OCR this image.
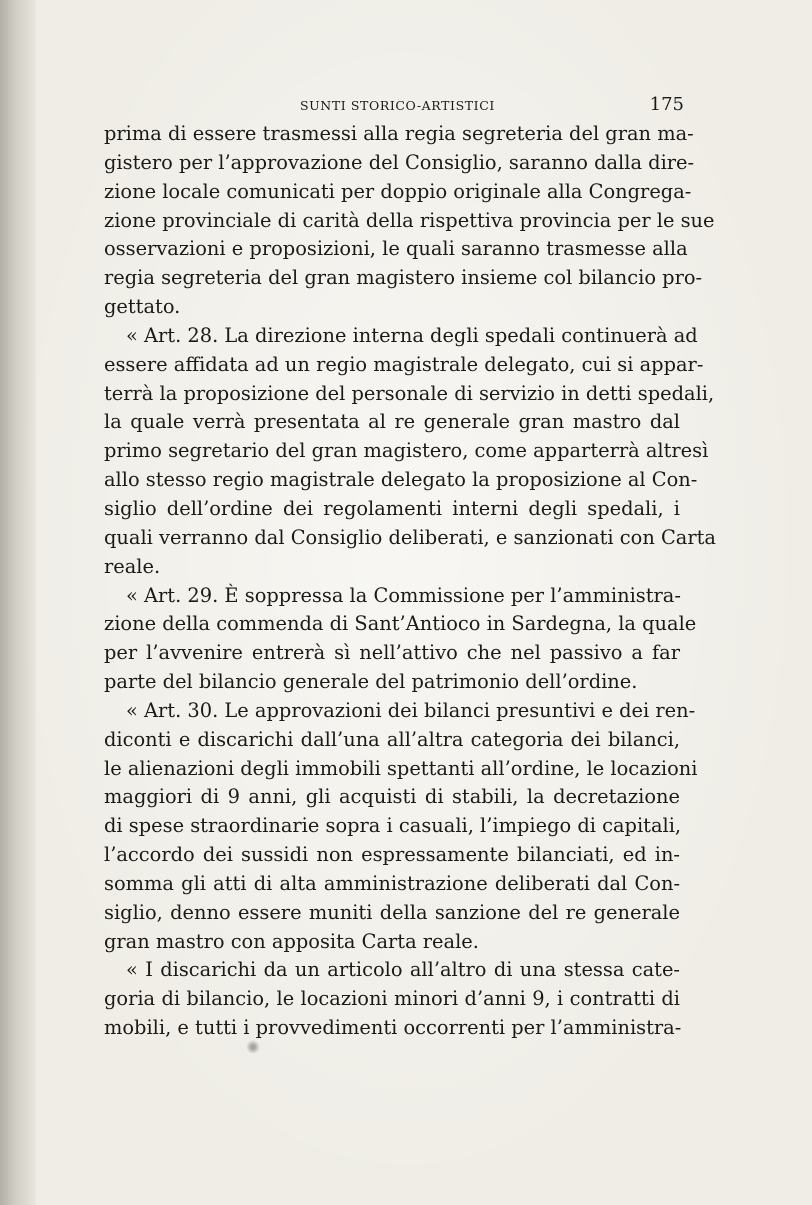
SUNTI STORICO-ARTISTICI	175
prima di essere trasmessi alla regia segreteria del gran ma-
gistero per l’approvazione del Consiglio, saranno dalla dire-
zione locale comunicati per doppio originale alla Congrega-
zione provinciale di carità della rispettiva provincia per le sue
osservazioni e proposizioni, le quali saranno trasmesse alla
regia segreteria del gran magistero insieme col bilancio pro-
gettato.
« Art. 28. La direzione interna degli spedali continuerà ad
essere affidata ad un regio magistrale delegato, cui si appar-
terrà la proposizione del personale di servizio in detti spedali,
la quale verrà presentata al re generale gran mastro dal
primo segretario del gran magistero, come apparterrà altresì
allo stesso regio magistrale delegato la proposizione al Con-
siglio dell’ordine dei regolamenti interni degli spedali, i
quali verranno dal Consiglio deliberati, e sanzionati con Carta
reale.
« Art. 29. È soppressa la Commissione per l’amministra-
zione della commenda di Sant’Antioco in Sardegna, la quale
per l’avvenire entrerà sì nell’attivo che nel passivo a far
parte del bilancio generale del patrimonio dell’ordine.
« Art. 30. Le approvazioni dei bilanci presuntivi e dei ren-
diconti e discarichi dall’una all’altra categoria dei bilanci,
le alienazioni degli immobili spettanti all’ordine, le locazioni
maggiori di 9 anni, gli acquisti di stabili, la decretazione
di spese straordinarie sopra i casuali, l’impiego di capitali,
l’accordo dei sussidi non espressamente bilanciati, ed in-
somma gli atti di alta amministrazione deliberati dal Con-
siglio, denno essere muniti della sanzione del re generale
gran mastro con apposita Carta reale.
« I discarichi da un articolo all’altro di una stessa cate-
goria di bilancio, le locazioni minori d’anni 9, i contratti di
mobili, e tutti i provvedimenti occorrenti per l’amministra-
